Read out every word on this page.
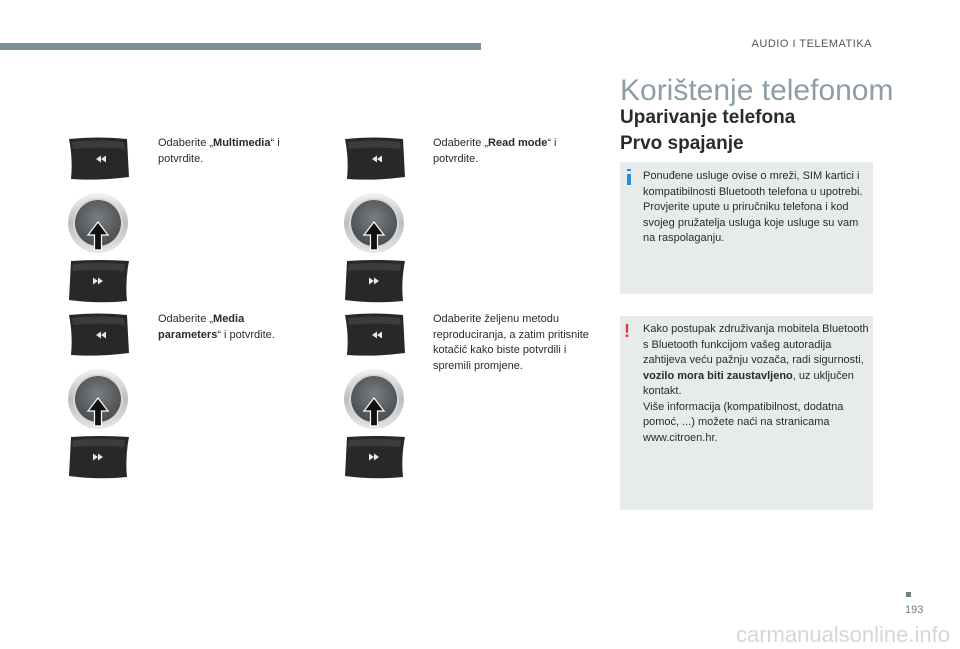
AUDIO I TELEMATIKA
Odaberite „Multimedia“ i potvrdite.
Odaberite „Read mode“ i potvrdite.
Odaberite „Media parameters“ i potvrdite.
Odaberite željenu metodu reproduciranja, a zatim pritisnite kotačić kako biste potvrdili i spremili promjene.
Korištenje telefonom
Uparivanje telefona
Prvo spajanje
Ponuđene usluge ovise o mreži, SIM kartici i kompatibilnosti Bluetooth telefona u upotrebi.
Provjerite upute u priručniku telefona i kod svojeg pružatelja usluga koje usluge su vam na raspolaganju.
! Kako postupak združivanja mobitela Bluetooth s Bluetooth funkcijom vašeg autoradija zahtijeva veću pažnju vozača, radi sigurnosti, vozilo mora biti zaustavljeno, uz uključen kontakt.
Više informacija (kompatibilnost, dodatna pomoć, ...) možete naći na stranicama www.citroen.hr.
193
carmanualsonline.info
